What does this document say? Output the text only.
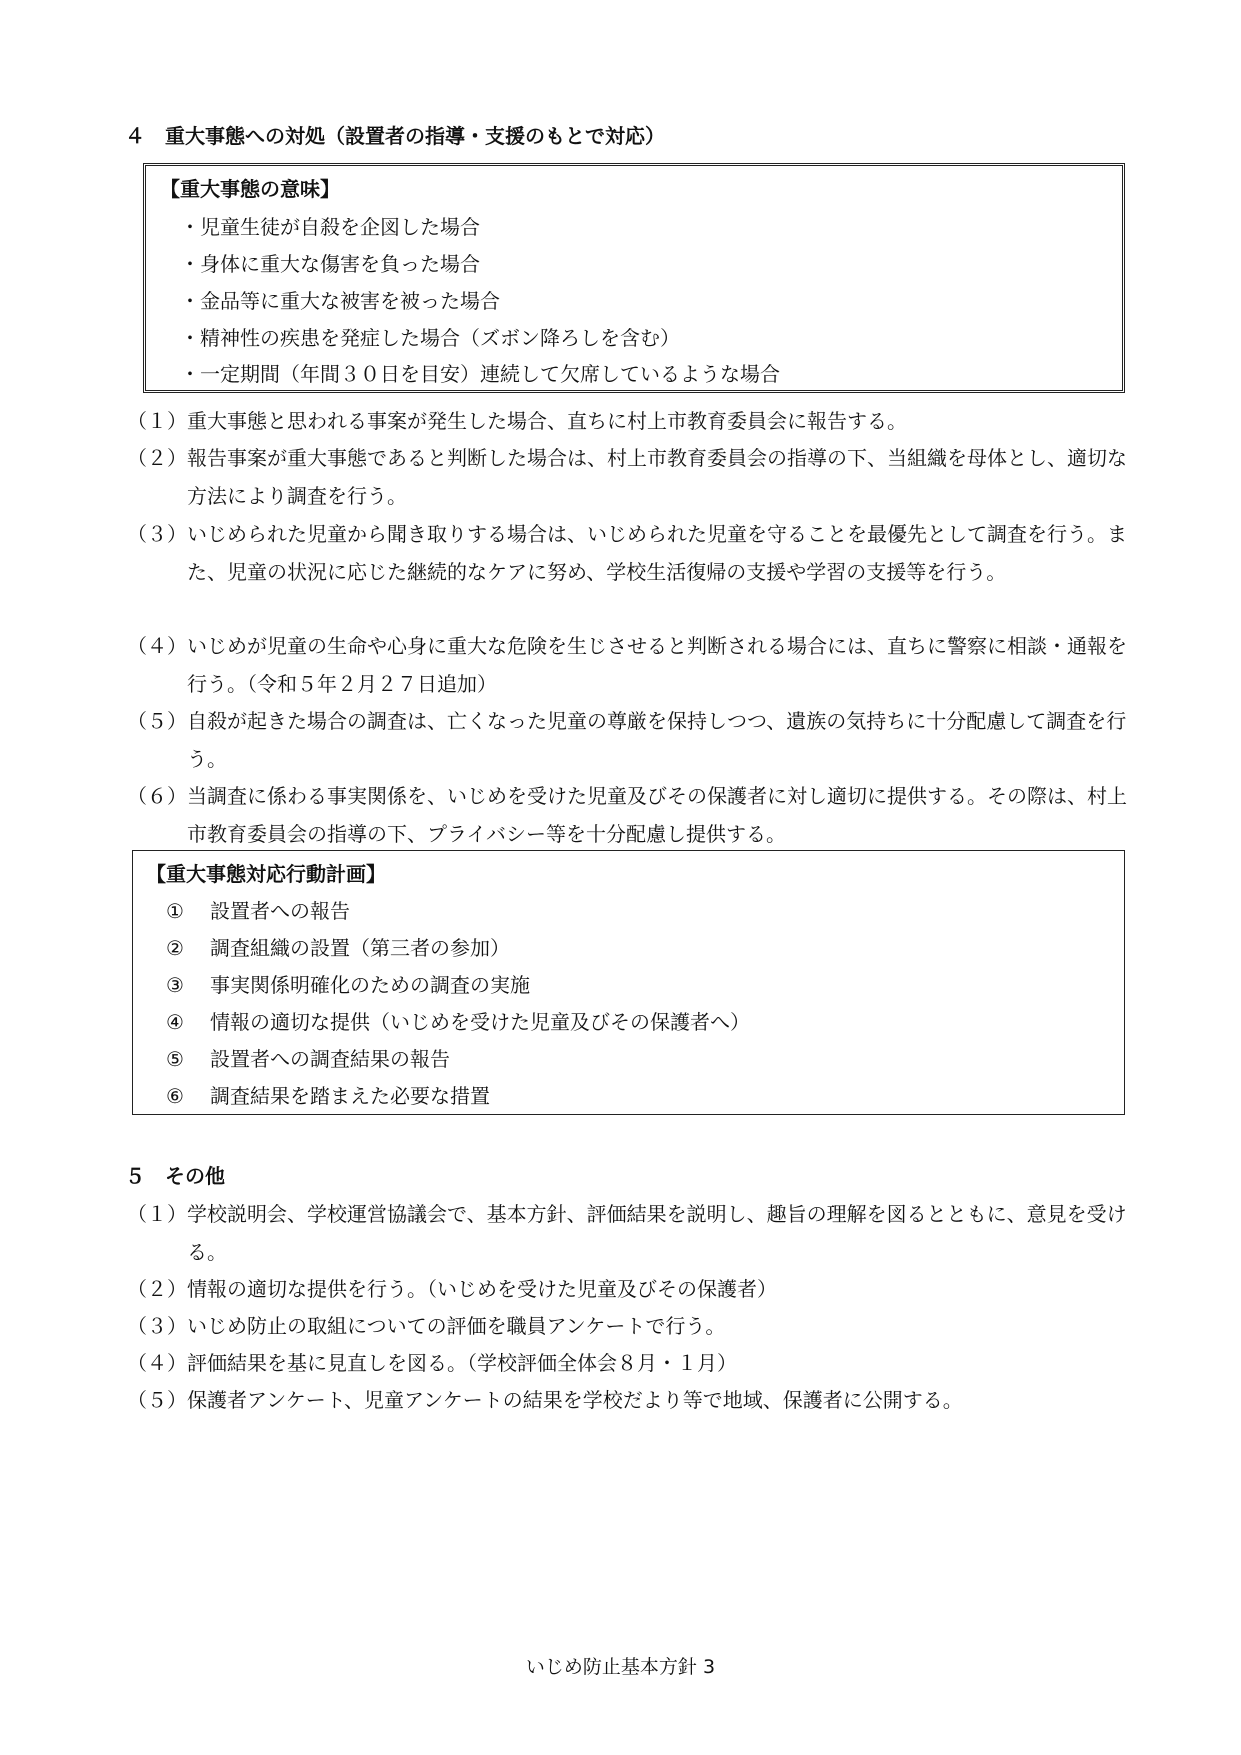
４　重大事態への対処（設置者の指導・支援のもとで対応）
【重大事態の意味】
・児童生徒が自殺を企図した場合
・身体に重大な傷害を負った場合
・金品等に重大な被害を被った場合
・精神性の疾患を発症した場合（ズボン降ろしを含む）
・一定期間（年間３０日を目安）連続して欠席しているような場合
（１） 重大事態と思われる事案が発生した場合、直ちに村上市教育委員会に報告する。
（２） 報告事案が重大事態であると判断した場合は、村上市教育委員会の指導の下、当組織を母体とし、適切な方法により調査を行う。
（３） いじめられた児童から聞き取りする場合は、いじめられた児童を守ることを最優先として調査を行う。また、児童の状況に応じた継続的なケアに努め、学校生活復帰の支援や学習の支援等を行う。
（４） いじめが児童の生命や心身に重大な危険を生じさせると判断される場合には、直ちに警察に相談・通報を行う。（令和５年２月２７日追加）
（５） 自殺が起きた場合の調査は、亡くなった児童の尊厳を保持しつつ、遺族の気持ちに十分配慮して調査を行う。
（６） 当調査に係わる事実関係を、いじめを受けた児童及びその保護者に対し適切に提供する。その際は、村上市教育委員会の指導の下、プライバシー等を十分配慮し提供する。
【重大事態対応行動計画】
① 設置者への報告
② 調査組織の設置（第三者の参加）
③ 事実関係明確化のための調査の実施
④ 情報の適切な提供（いじめを受けた児童及びその保護者へ）
⑤ 設置者への調査結果の報告
⑥ 調査結果を踏まえた必要な措置
５　その他
（１） 学校説明会、学校運営協議会で、基本方針、評価結果を説明し、趣旨の理解を図るとともに、意見を受ける。
（２） 情報の適切な提供を行う。（いじめを受けた児童及びその保護者）
（３） いじめ防止の取組についての評価を職員アンケートで行う。
（４） 評価結果を基に見直しを図る。（学校評価全体会８月・１月）
（５） 保護者アンケート、児童アンケートの結果を学校だより等で地域、保護者に公開する。
いじめ防止基本方針 3
